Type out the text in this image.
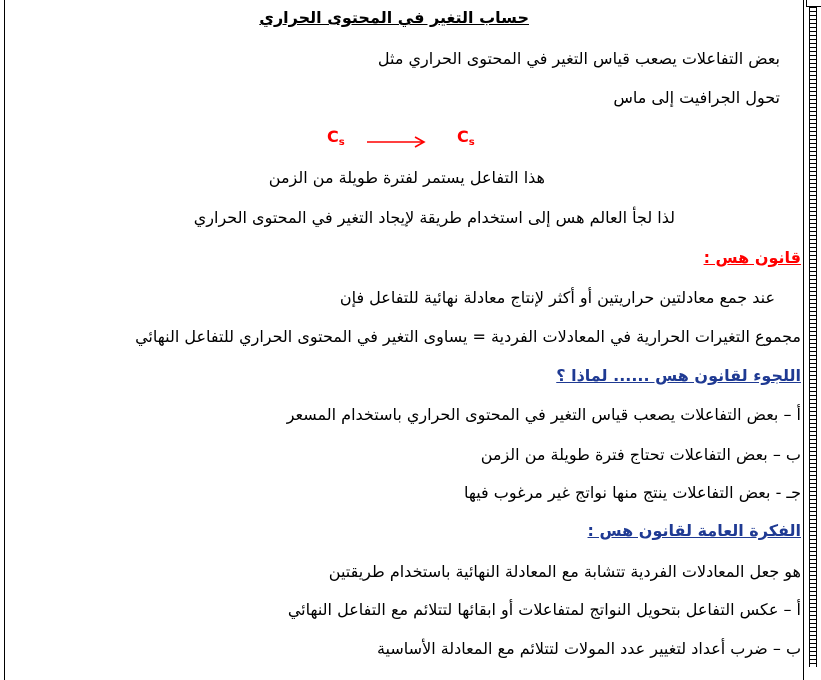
حساب التغير في المحتوى الحراري
بعض التفاعلات يصعب قياس التغير في المحتوى الحراري مثل
تحول الجرافيت إلى ماس
$C_s \to C_s$
هذا التفاعل يستمر لفترة طويلة من الزمن
لذا لجأ العالم هس إلى استخدام طريقة لإيجاد التغير في المحتوى الحراري
قانون هس :
عند جمع معادلتين حراريتين أو أكثر لإنتاج معادلة نهائية للتفاعل فإن
مجموع التغيرات الحرارية في المعادلات الفردية = يساوى التغير في المحتوى الحراري للتفاعل النهائي
اللجوء لقانون هس ...... لماذا ؟
أ – بعض التفاعلات يصعب قياس التغير في المحتوى الحراري باستخدام المسعر
ب – بعض التفاعلات تحتاج فترة طويلة من الزمن
جـ - بعض التفاعلات ينتج منها نواتج غير مرغوب فيها
الفكرة العامة لقانون هس :
هو جعل المعادلات الفردية تتشابة مع المعادلة النهائية باستخدام طريقتين
أ – عكس التفاعل بتحويل النواتج لمتفاعلات أو ابقائها لتتلائم مع التفاعل النهائي
ب – ضرب أعداد لتغيير عدد المولات لتتلائم مع المعادلة الأساسية
